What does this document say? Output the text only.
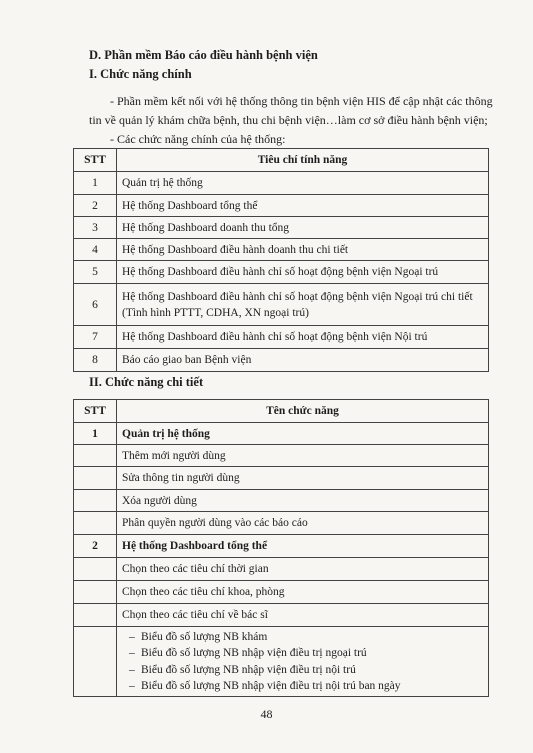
D. Phần mềm Báo cáo điều hành bệnh viện
I. Chức năng chính
- Phần mềm kết nối với hệ thống thông tin bệnh viện HIS để cập nhật các thông
tin về quản lý khám chữa bệnh, thu chi bệnh viện…làm cơ sở điều hành bệnh viện;
- Các chức năng chính của hệ thống:
STT	Tiêu chí tính năng
1	Quản trị hệ thống
2	Hệ thống Dashboard tổng thể
3	Hệ thống Dashboard doanh thu tổng
4	Hệ thống Dashboard điều hành doanh thu chi tiết
5	Hệ thống Dashboard điều hành chỉ số hoạt động bệnh viện Ngoại trú
6	Hệ thống Dashboard điều hành chỉ số hoạt động bệnh viện Ngoại trú chi tiết
(Tình hình PTTT, CDHA, XN ngoại trú)

7	Hệ thống Dashboard điều hành chỉ số hoạt động bệnh viện Nội trú
8	Báo cáo giao ban Bệnh viện
II. Chức năng chi tiết
STT	Tên chức năng
1	Quản trị hệ thống
	Thêm mới người dùng
	Sửa thông tin người dùng
	Xóa người dùng
	Phân quyền người dùng vào các báo cáo
2	Hệ thống Dashboard tổng thể
	Chọn theo các tiêu chí thời gian
	Chọn theo các tiêu chí khoa, phòng
	Chọn theo các tiêu chí về bác sĩ

	– Biểu đồ số lượng NB khám
– Biểu đồ số lượng NB nhập viện điều trị ngoại trú
– Biểu đồ số lượng NB nhập viện điều trị nội trú
– Biểu đồ số lượng NB nhập viện điều trị nội trú ban ngày
48
